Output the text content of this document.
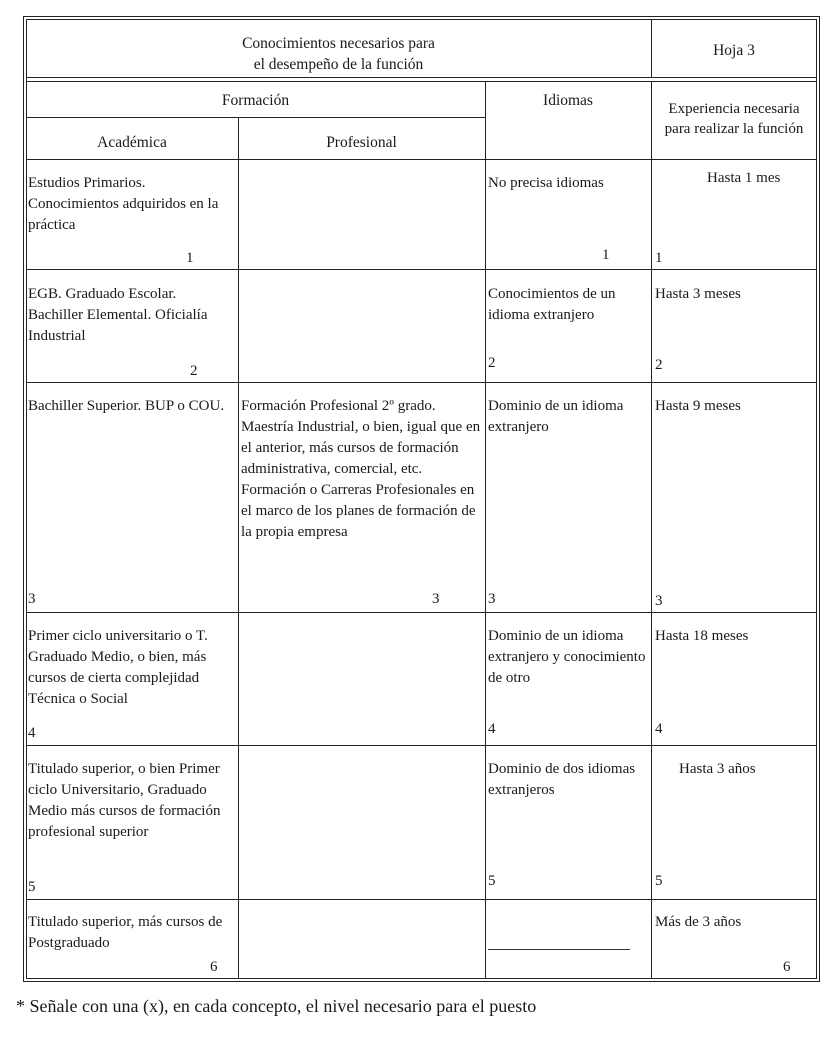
Conocimientos necesarios para
el desempeño de la función
Hoja 3
Formación
Académica	Profesional
Idiomas	Experiencia necesaria
para realizar la función
Estudios Primarios. Conocimientos adquiridos en la práctica
1
No precisa idiomas
1
Hasta 1 mes
1
EGB. Graduado Escolar. Bachiller Elemental. Oficialía Industrial
2
Conocimientos de un idioma extranjero
2
Hasta 3 meses
2
Bachiller Superior. BUP o COU.
3
Formación Profesional 2º grado. Maestría Industrial, o bien, igual que en el anterior, más cursos de formación administrativa, comercial, etc. Formación o Carreras Profesionales en el marco de los planes de formación de la propia empresa
3
Dominio de un idioma extranjero
3
Hasta 9 meses
3
Primer ciclo universitario o T. Graduado Medio, o bien, más cursos de cierta complejidad Técnica o Social
4
Dominio de un idioma extranjero y conocimiento de otro
4
Hasta 18 meses
4
Titulado superior, o bien Primer ciclo Universitario, Graduado Medio más cursos de formación profesional superior
5
Dominio de dos idiomas extranjeros
5
Hasta 3 años
5
Titulado superior, más cursos de Postgraduado
6
Más de 3 años
6
* Señale con una (x), en cada concepto, el nivel necesario para el puesto
